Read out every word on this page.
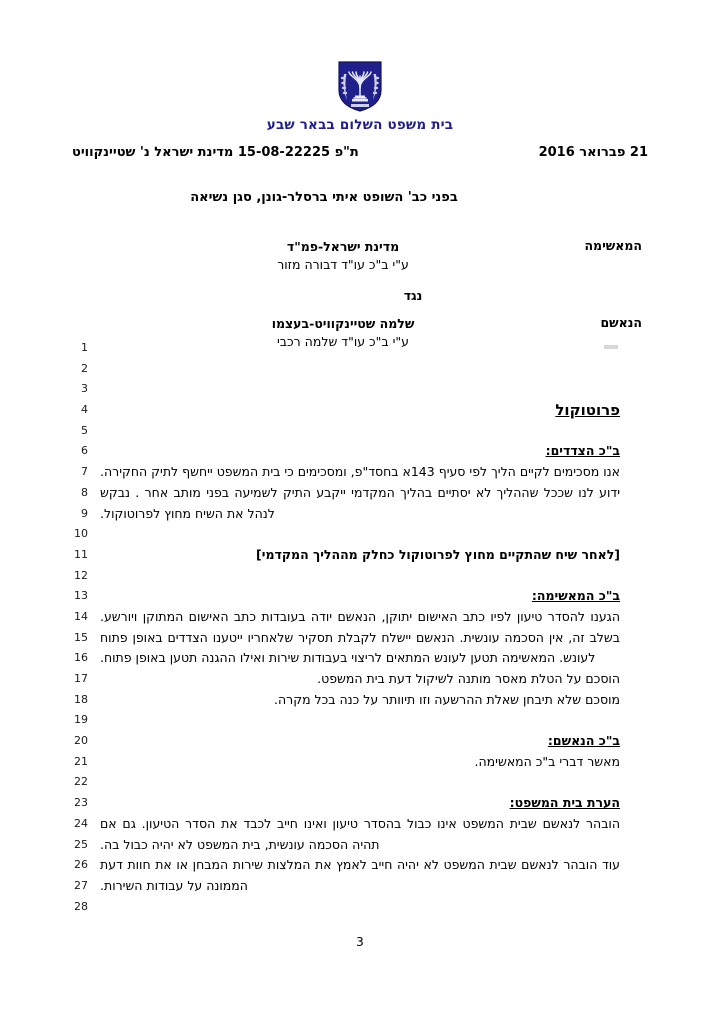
בית משפט השלום בבאר שבע
ת"פ 15-08-22225 מדינת ישראל נ' שטיינקוויט	21 פברואר 2016
בפני כב' השופט איתי ברסלר-גונן, סגן נשיאה
המאשימה
מדינת ישראל-פמ"ד
ע"י ב"כ עו"ד דבורה מזור
נגד
הנאשם
שלמה שטיינקוויט-בעצמו
ע"י ב"כ עו"ד שלמה רכבי
1
2
3
4
5
6
7
8
9
10
11
12
13
14
15
16
17
18
19
20
21
22
23
24
25
26
27
28
פרוטוקול
ב"כ הצדדים:
אנו מסכימים לקיים הליך לפי סעיף 143א בחסד"פ, ומסכימים כי בית המשפט ייחשף לתיק החקירה. ידוע לנו שככל שההליך לא יסתיים בהליך המקדמי ייקבע התיק לשמיעה בפני מותב אחר . נבקש לנהל את השיח מחוץ לפרוטוקול.
[לאחר שיח שהתקיים מחוץ לפרוטוקול כחלק מההליך המקדמי]
ב"כ המאשימה:
הגענו להסדר טיעון לפיו כתב האישום יתוקן, הנאשם יודה בעובדות כתב האישום המתוקן ויורשע. בשלב זה, אין הסכמה עונשית. הנאשם יישלח לקבלת תסקיר שלאחריו ייטענו הצדדים באופן פתוח לעונש. המאשימה תטען לעונש המתאים לריצוי בעבודות שירות ואילו ההגנה תטען באופן פתוח.
הוסכם על הטלת מאסר מותנה לשיקול דעת בית המשפט.
מוסכם שלא תיבחן שאלת ההרשעה וזו תיוותר על כנה בכל מקרה.
ב"כ הנאשם:
מאשר דברי ב"כ המאשימה.
הערת בית המשפט:
הובהר לנאשם שבית המשפט אינו כבול בהסדר טיעון ואינו חייב לכבד את הסדר הטיעון. גם אם תהיה הסכמה עונשית, בית המשפט לא יהיה כבול בה.
עוד הובהר לנאשם שבית המשפט לא יהיה חייב לאמץ את המלצות שירות המבחן או את חוות דעת הממונה על עבודות השירות.
3
